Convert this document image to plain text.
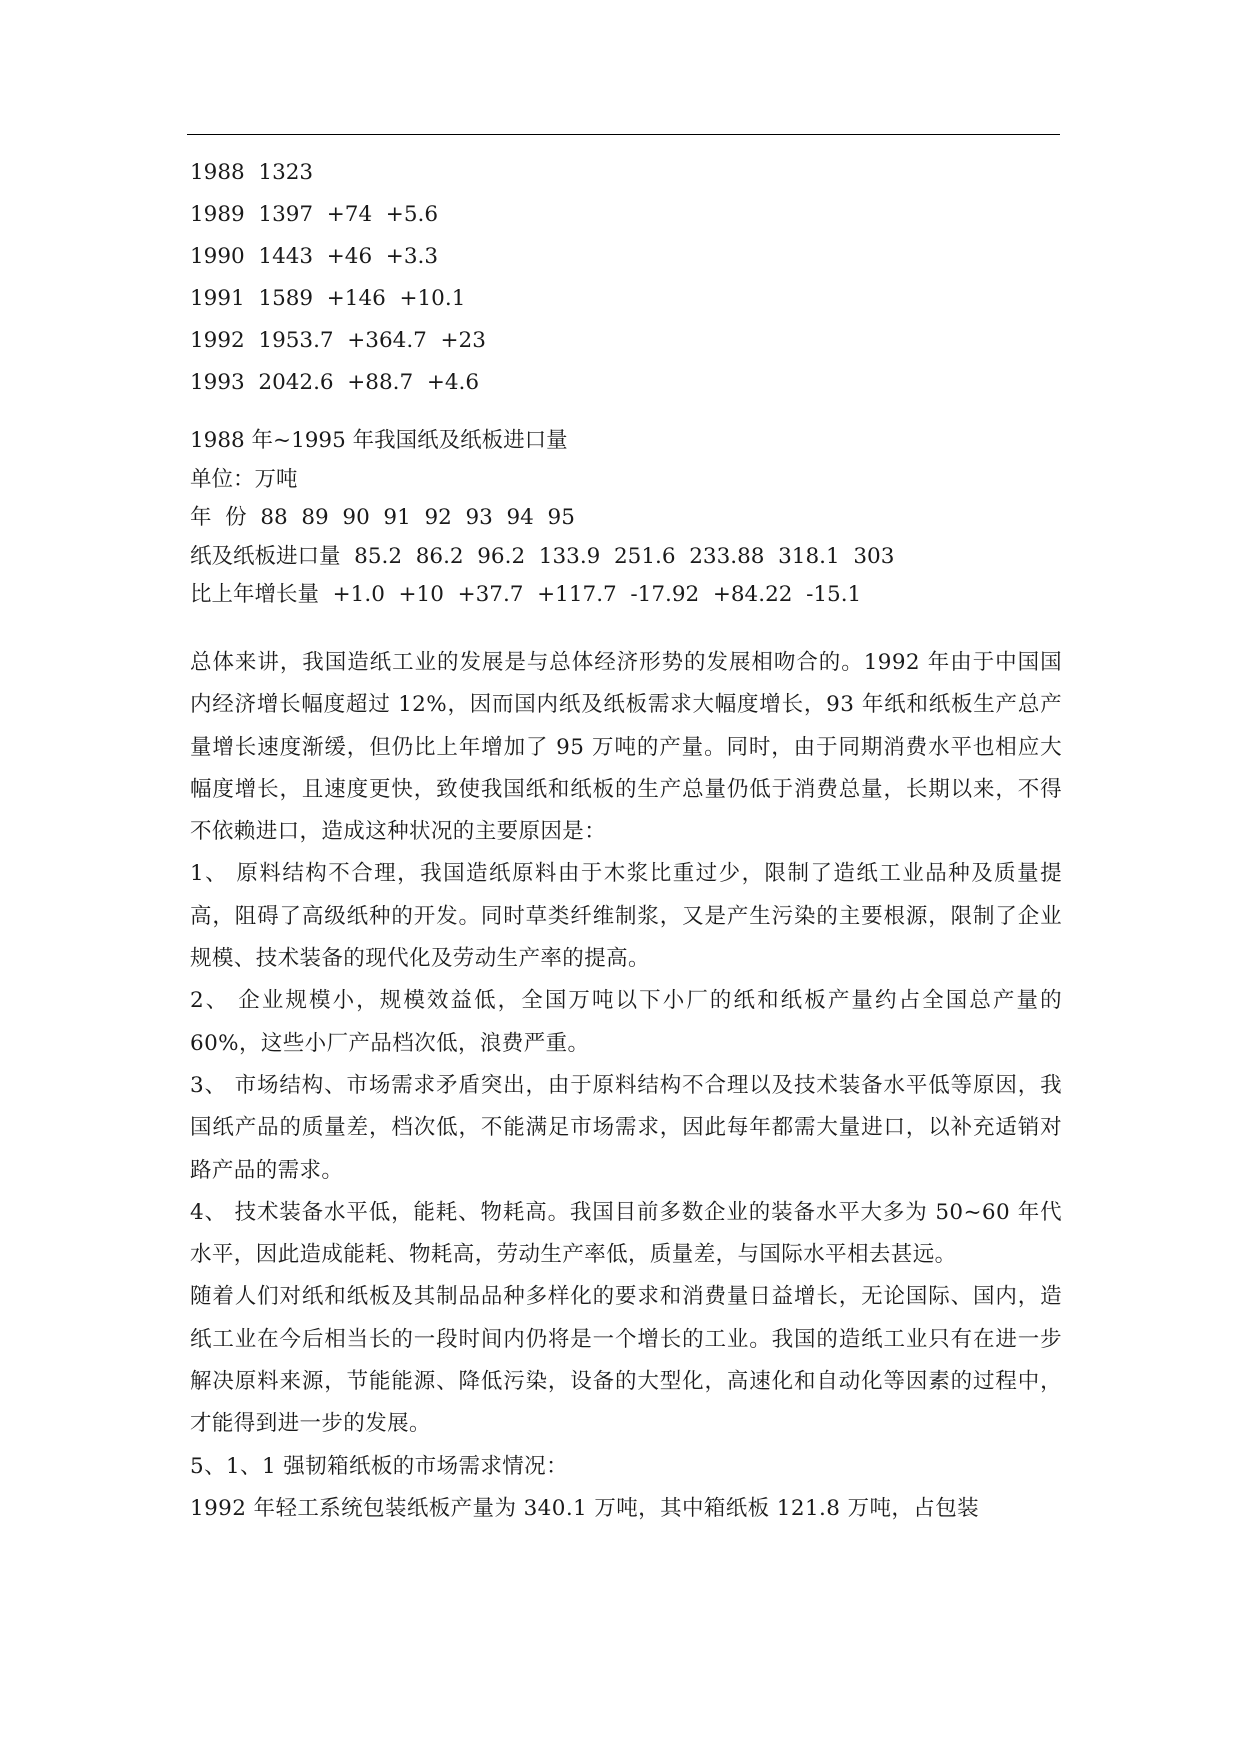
1988  1323
1989  1397  +74  +5.6
1990  1443  +46  +3.3
1991  1589  +146  +10.1
1992  1953.7  +364.7  +23
1993  2042.6  +88.7  +4.6
1988 年~1995 年我国纸及纸板进口量
单位：万吨
年  份  88  89  90  91  92  93  94  95
纸及纸板进口量  85.2  86.2  96.2  133.9  251.6  233.88  318.1  303
比上年增长量  +1.0  +10  +37.7  +117.7  -17.92  +84.22  -15.1
总体来讲，我国造纸工业的发展是与总体经济形势的发展相吻合的。1992 年由于中国国内经济增长幅度超过 12%，因而国内纸及纸板需求大幅度增长，93 年纸和纸板生产总产量增长速度渐缓，但仍比上年增加了 95 万吨的产量。同时，由于同期消费水平也相应大幅度增长，且速度更快，致使我国纸和纸板的生产总量仍低于消费总量，长期以来，不得不依赖进口，造成这种状况的主要原因是：
1、 原料结构不合理，我国造纸原料由于木浆比重过少，限制了造纸工业品种及质量提高，阻碍了高级纸种的开发。同时草类纤维制浆，又是产生污染的主要根源，限制了企业规模、技术装备的现代化及劳动生产率的提高。
2、 企业规模小，规模效益低，全国万吨以下小厂的纸和纸板产量约占全国总产量的 60%，这些小厂产品档次低，浪费严重。
3、 市场结构、市场需求矛盾突出，由于原料结构不合理以及技术装备水平低等原因，我国纸产品的质量差，档次低，不能满足市场需求，因此每年都需大量进口，以补充适销对路产品的需求。
4、 技术装备水平低，能耗、物耗高。我国目前多数企业的装备水平大多为 50~60 年代水平，因此造成能耗、物耗高，劳动生产率低，质量差，与国际水平相去甚远。
随着人们对纸和纸板及其制品品种多样化的要求和消费量日益增长，无论国际、国内，造纸工业在今后相当长的一段时间内仍将是一个增长的工业。我国的造纸工业只有在进一步解决原料来源，节能能源、降低污染，设备的大型化，高速化和自动化等因素的过程中，才能得到进一步的发展。
5、1、1 强韧箱纸板的市场需求情况：
1992 年轻工系统包装纸板产量为 340.1 万吨，其中箱纸板 121.8 万吨，占包装
